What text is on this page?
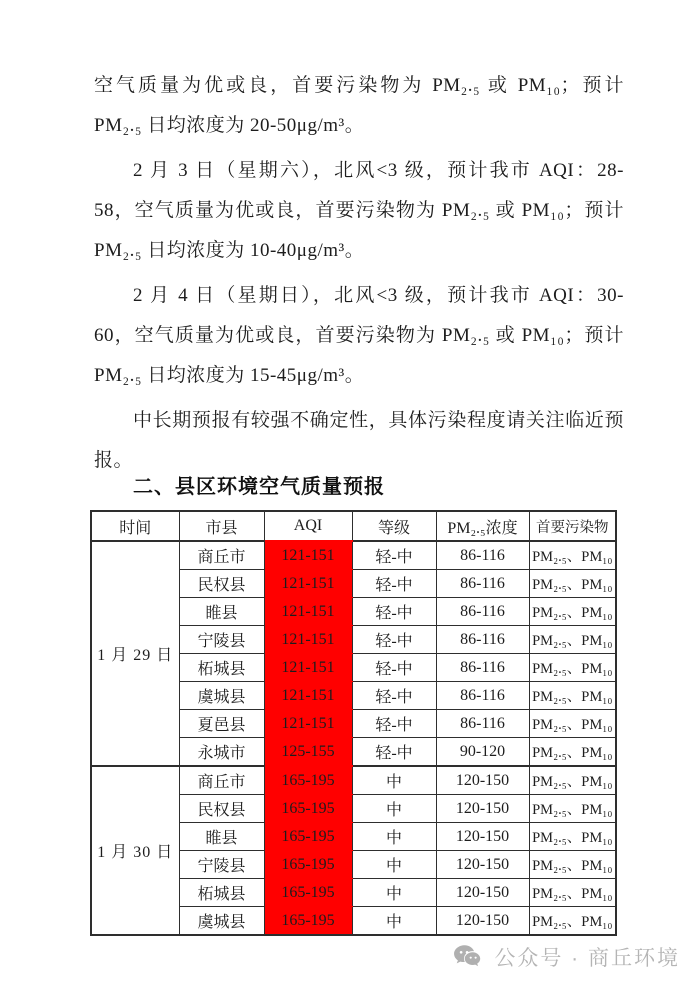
空气质量为优或良，首要污染物为 PM₂.₅ 或 PM₁₀；预计 PM₂.₅ 日均浓度为 20-50μg/m³。

2 月 3 日（星期六），北风<3 级，预计我市 AQI：28-58，空气质量为优或良，首要污染物为 PM₂.₅ 或 PM₁₀；预计 PM₂.₅ 日均浓度为 10-40μg/m³。

2 月 4 日（星期日），北风<3 级，预计我市 AQI：30-60，空气质量为优或良，首要污染物为 PM₂.₅ 或 PM₁₀；预计 PM₂.₅ 日均浓度为 15-45μg/m³。

中长期预报有较强不确定性，具体污染程度请关注临近预报。

二、县区环境空气质量预报
时间	市县	AQI	等级	PM₂.₅浓度	首要污染物
1 月 29 日	商丘市	121-151	轻-中	86-116	PM₂.₅、PM₁₀
	民权县	121-151	轻-中	86-116	PM₂.₅、PM₁₀
	睢县	121-151	轻-中	86-116	PM₂.₅、PM₁₀
	宁陵县	121-151	轻-中	86-116	PM₂.₅、PM₁₀
	柘城县	121-151	轻-中	86-116	PM₂.₅、PM₁₀
	虞城县	121-151	轻-中	86-116	PM₂.₅、PM₁₀
	夏邑县	121-151	轻-中	86-116	PM₂.₅、PM₁₀
	永城市	125-155	轻-中	90-120	PM₂.₅、PM₁₀
1 月 30 日	商丘市	165-195	中	120-150	PM₂.₅、PM₁₀
	民权县	165-195	中	120-150	PM₂.₅、PM₁₀
	睢县	165-195	中	120-150	PM₂.₅、PM₁₀
	宁陵县	165-195	中	120-150	PM₂.₅、PM₁₀
	柘城县	165-195	中	120-150	PM₂.₅、PM₁₀
	虞城县	165-195	中	120-150	PM₂.₅、PM₁₀
公众号 · 商丘环境
